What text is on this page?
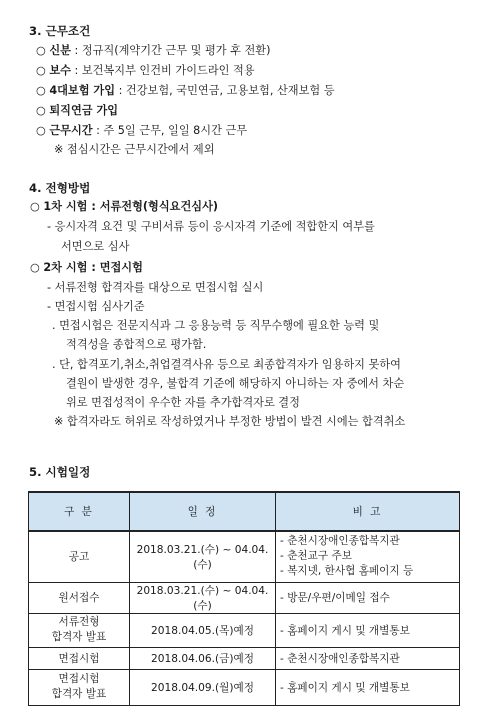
3. 근무조건
○ 신분 : 정규직(계약기간 근무 및 평가 후 전환)
○ 보수 : 보건복지부 인건비 가이드라인 적용
○ 4대보험 가입 : 건강보험, 국민연금, 고용보험, 산재보험 등
○ 퇴직연금 가입
○ 근무시간 : 주 5일 근무, 일일 8시간 근무
※ 점심시간은 근무시간에서 제외
4. 전형방법
○ 1차 시험 : 서류전형(형식요건심사)
- 응시자격 요건 및 구비서류 등이 응시자격 기준에 적합한지 여부를
서면으로 심사
○ 2차 시험 : 면접시험
- 서류전형 합격자를 대상으로 면접시험 실시
- 면접시험 심사기준
. 면접시험은 전문지식과 그 응용능력 등 직무수행에 필요한 능력 및
적격성을 종합적으로 평가함.
. 단, 합격포기,취소,취업결격사유 등으로 최종합격자가 임용하지 못하여
결원이 발생한 경우, 불합격 기준에 해당하지 아니하는 자 중에서 차순
위로 면접성적이 우수한 자를 추가합격자로 결정
※ 합격자라도 허위로 작성하였거나 부정한 방법이 발견 시에는 합격취소
5. 시험일정
구 분	일 정	비 고
공고	2018.03.21.(수) ~ 04.04.(수)	- 춘천시장애인종합복지관
- 춘천교구 주보
- 복지넷, 한사협 홈페이지 등

원서접수	2018.03.21.(수) ~ 04.04.(수)	- 방문/우편/이메일 접수

서류전형
합격자 발표	2018.04.05.(목)예정	- 홈페이지 게시 및 개별통보
면접시험	2018.04.06.(금)예정	- 춘천시장애인종합복지관

면접시험
합격자 발표	2018.04.09.(월)예정	- 홈페이지 게시 및 개별통보
